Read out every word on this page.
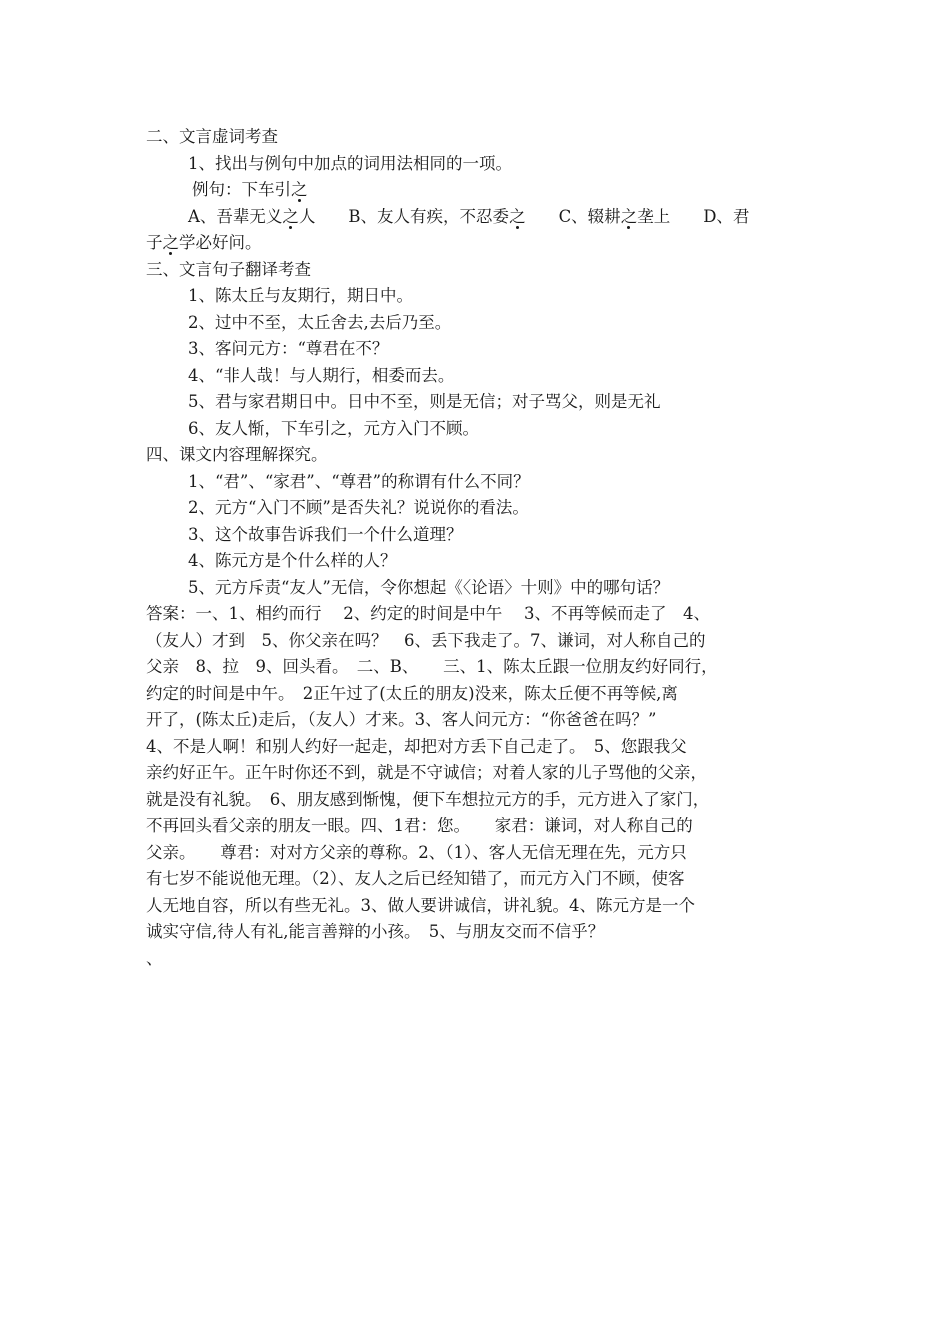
二、文言虚词考查
1、找出与例句中加点的词用法相同的一项。
例句：下车引之
A、吾辈无义之人　　B、友人有疾，不忍委之　　C、辍耕之垄上　　D、君
子之学必好问。
三、文言句子翻译考查
1、陈太丘与友期行，期日中。
2、过中不至，太丘舍去,去后乃至。
3、客问元方：“尊君在不？
4、“非人哉！与人期行，相委而去。
5、君与家君期日中。日中不至，则是无信；对子骂父，则是无礼
6、友人惭，下车引之，元方入门不顾。
四、课文内容理解探究。
1、“君”、“家君”、“尊君”的称谓有什么不同？
2、元方“入门不顾”是否失礼？说说你的看法。
3、这个故事告诉我们一个什么道理？
4、陈元方是个什么样的人？
5、元方斥责“友人”无信，令你想起《〈论语〉十则》中的哪句话？
答案：一、1、相约而行　 2、约定的时间是中午　 3、不再等候而走了　4、
（友人）才到　5、你父亲在吗？　6、丢下我走了。7、谦词，对人称自己的
父亲　8、拉　9、回头看。　二、B、　　三、1、陈太丘跟一位朋友约好同行，
约定的时间是中午。　2正午过了(太丘的朋友)没来，陈太丘便不再等候,离
开了，(陈太丘)走后，（友人）才来。3、客人问元方：“你爸爸在吗？”
4、不是人啊！和别人约好一起走，却把对方丢下自己走了。　5、您跟我父
亲约好正午。正午时你还不到，就是不守诚信；对着人家的儿子骂他的父亲，
就是没有礼貌。　6、朋友感到惭愧，便下车想拉元方的手，元方进入了家门，
不再回头看父亲的朋友一眼。四、1君：您。　　家君：谦词，对人称自己的
父亲。　　尊君：对对方父亲的尊称。2、（1）、客人无信无理在先，元方只
有七岁不能说他无理。（2）、友人之后已经知错了，而元方入门不顾，使客
人无地自容，所以有些无礼。3、做人要讲诚信，讲礼貌。4、陈元方是一个
诚实守信,待人有礼,能言善辩的小孩。　5、与朋友交而不信乎？
、
